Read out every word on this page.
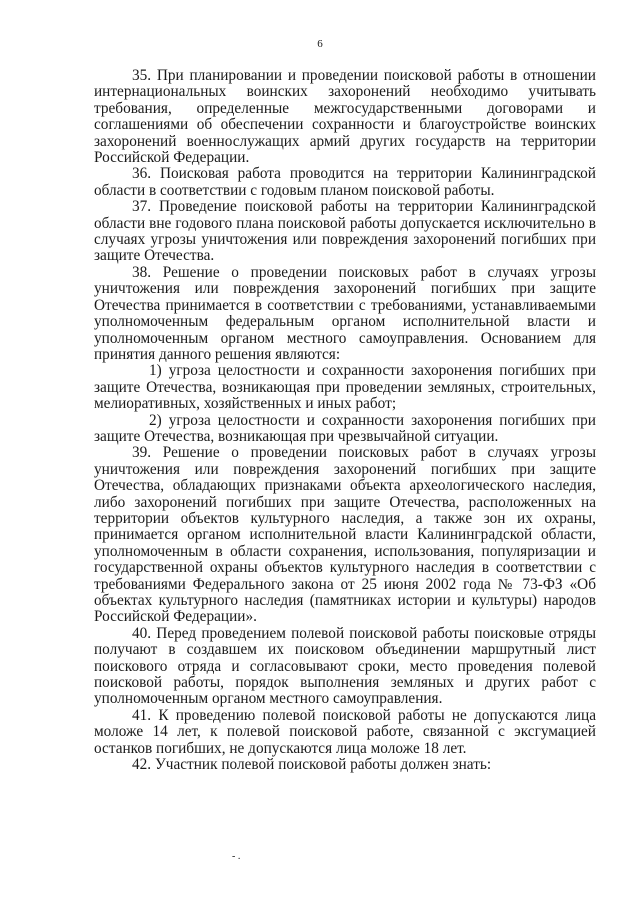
6

35. При планировании и проведении поисковой работы в отношении интернациональных воинских захоронений необходимо учитывать требования, определенные межгосударственными договорами и соглашениями об обеспечении сохранности и благоустройстве воинских захоронений военнослужащих армий других государств на территории Российской Федерации.

36. Поисковая работа проводится на территории Калининградской области в соответствии с годовым планом поисковой работы.

37. Проведение поисковой работы на территории Калининградской области вне годового плана поисковой работы допускается исключительно в случаях угрозы уничтожения или повреждения захоронений погибших при защите Отечества.

38. Решение о проведении поисковых работ в случаях угрозы уничтожения или повреждения захоронений погибших при защите Отечества принимается в соответствии с требованиями, устанавливаемыми уполномоченным федеральным органом исполнительной власти и уполномоченным органом местного самоуправления. Основанием для принятия данного решения являются:

1) угроза целостности и сохранности захоронения погибших при защите Отечества, возникающая при проведении земляных, строительных, мелиоративных, хозяйственных и иных работ;

2) угроза целостности и сохранности захоронения погибших при защите Отечества, возникающая при чрезвычайной ситуации.

39. Решение о проведении поисковых работ в случаях угрозы уничтожения или повреждения захоронений погибших при защите Отечества, обладающих признаками объекта археологического наследия, либо захоронений погибших при защите Отечества, расположенных на территории объектов культурного наследия, а также зон их охраны, принимается органом исполнительной власти Калининградской области, уполномоченным в области сохранения, использования, популяризации и государственной охраны объектов культурного наследия в соответствии с требованиями Федерального закона от 25 июня 2002 года № 73-ФЗ «Об объектах культурного наследия (памятниках истории и культуры) народов Российской Федерации».

40. Перед проведением полевой поисковой работы поисковые отряды получают в создавшем их поисковом объединении маршрутный лист поискового отряда и согласовывают сроки, место проведения полевой поисковой работы, порядок выполнения земляных и других работ с уполномоченным органом местного самоуправления.

41. К проведению полевой поисковой работы не допускаются лица моложе 14 лет, к полевой поисковой работе, связанной с эксгумацией останков погибших, не допускаются лица моложе 18 лет.

42. Участник полевой поисковой работы должен знать:

- .
